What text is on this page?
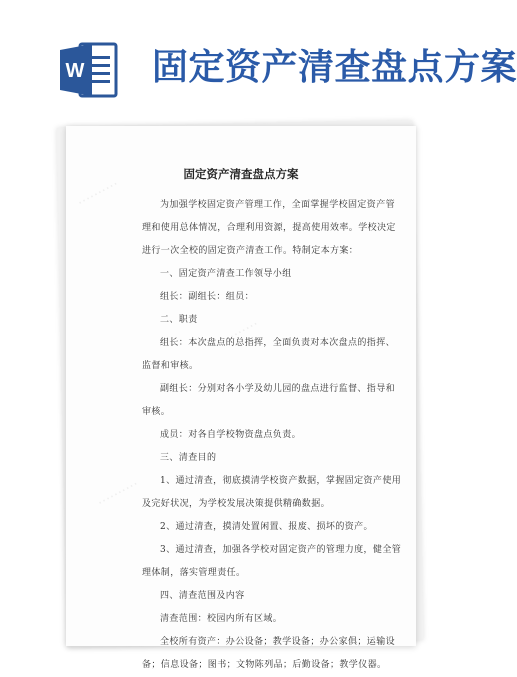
W 固定资产清查盘点方案
··········
··········
··········
固定资产清查盘点方案

为加强学校固定资产管理工作，全面掌握学校固定资产管理和使用总体情况，合理利用资源，提高使用效率。学校决定进行一次全校的固定资产清查工作。特制定本方案：

一、固定资产清查工作领导小组

组长：副组长：组员：

二、职责

组长：本次盘点的总指挥，全面负责对本次盘点的指挥、监督和审核。

副组长：分别对各小学及幼儿园的盘点进行监督、指导和审核。

成员：对各自学校物资盘点负责。

三、清查目的

1、通过清查，彻底摸清学校资产数据，掌握固定资产使用及完好状况，为学校发展决策提供精确数据。

2、通过清查，摸清处置闲置、报废、损坏的资产。

3、通过清查，加强各学校对固定资产的管理力度，健全管理体制，落实管理责任。

四、清查范围及内容

清查范围：校园内所有区域。

全校所有资产：办公设备；教学设备；办公家俱；运输设备；信息设备；图书；文物陈列品；后勤设备；教学仪器。
